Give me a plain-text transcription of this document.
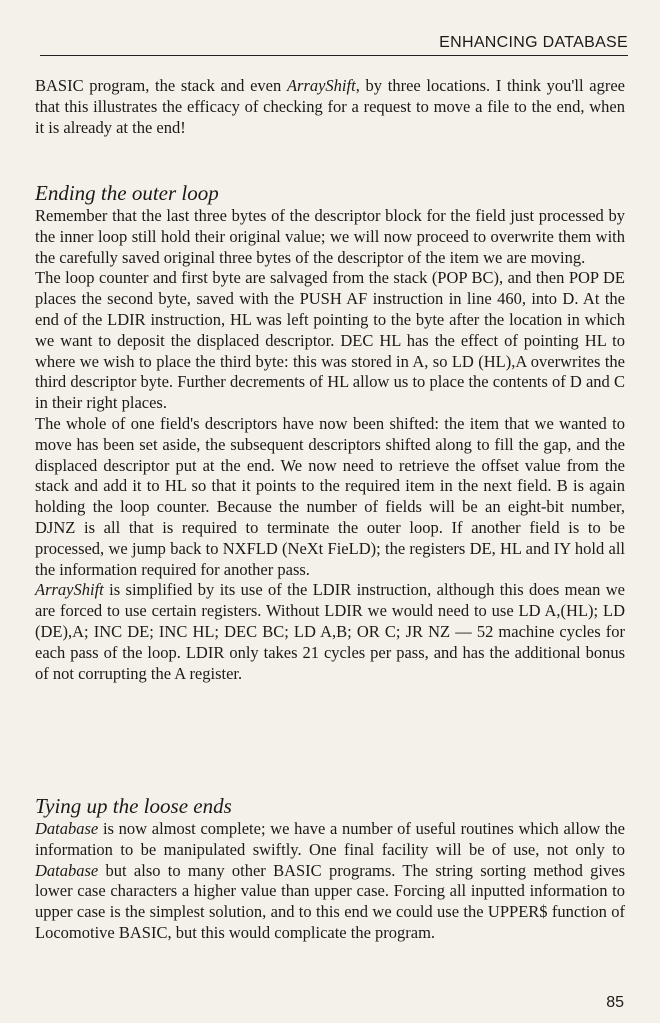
ENHANCING DATABASE

BASIC program, the stack and even ArrayShift, by three locations. I think you'll agree that this illustrates the efficacy of checking for a request to move a file to the end, when it is already at the end!

Ending the outer loop

Remember that the last three bytes of the descriptor block for the field just processed by the inner loop still hold their original value; we will now proceed to overwrite them with the carefully saved original three bytes of the descriptor of the item we are moving.

The loop counter and first byte are salvaged from the stack (POP BC), and then POP DE places the second byte, saved with the PUSH AF instruction in line 460, into D. At the end of the LDIR instruction, HL was left pointing to the byte after the location in which we want to deposit the displaced descriptor. DEC HL has the effect of pointing HL to where we wish to place the third byte: this was stored in A, so LD (HL),A overwrites the third descriptor byte. Further decrements of HL allow us to place the contents of D and C in their right places.

The whole of one field's descriptors have now been shifted: the item that we wanted to move has been set aside, the subsequent descriptors shifted along to fill the gap, and the displaced descriptor put at the end. We now need to retrieve the offset value from the stack and add it to HL so that it points to the required item in the next field. B is again holding the loop counter. Because the number of fields will be an eight-bit number, DJNZ is all that is required to terminate the outer loop. If another field is to be processed, we jump back to NXFLD (NeXt FieLD); the registers DE, HL and IY hold all the information required for another pass.

ArrayShift is simplified by its use of the LDIR instruction, although this does mean we are forced to use certain registers. Without LDIR we would need to use LD A,(HL); LD (DE),A; INC DE; INC HL; DEC BC; LD A,B; OR C; JR NZ — 52 machine cycles for each pass of the loop. LDIR only takes 21 cycles per pass, and has the additional bonus of not corrupting the A register.

Tying up the loose ends

Database is now almost complete; we have a number of useful routines which allow the information to be manipulated swiftly. One final facility will be of use, not only to Database but also to many other BASIC programs. The string sorting method gives lower case characters a higher value than upper case. Forcing all inputted information to upper case is the simplest solution, and to this end we could use the UPPER$ function of Locomotive BASIC, but this would complicate the program.

85
